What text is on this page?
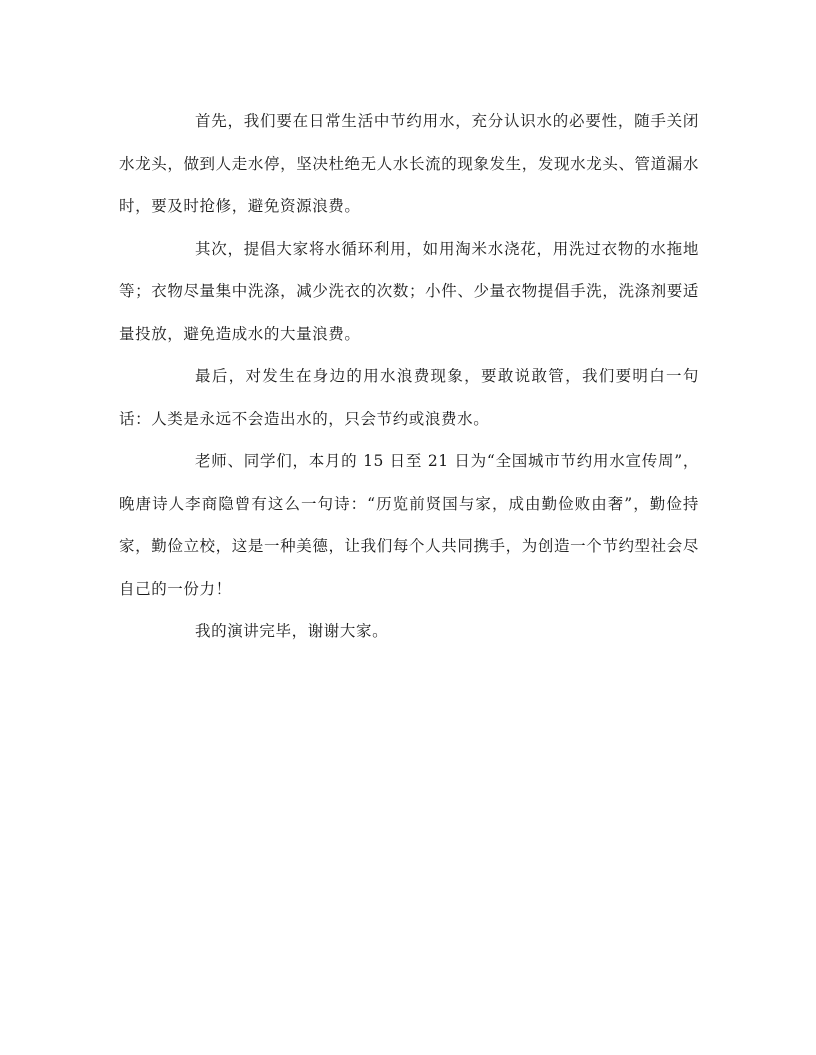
首先，我们要在日常生活中节约用水，充分认识水的必要性，随手关闭水龙头，做到人走水停，坚决杜绝无人水长流的现象发生，发现水龙头、管道漏水时，要及时抢修，避免资源浪费。

其次，提倡大家将水循环利用，如用淘米水浇花，用洗过衣物的水拖地等；衣物尽量集中洗涤，减少洗衣的次数；小件、少量衣物提倡手洗，洗涤剂要适量投放，避免造成水的大量浪费。

最后，对发生在身边的用水浪费现象，要敢说敢管，我们要明白一句话：人类是永远不会造出水的，只会节约或浪费水。

老师、同学们，本月的 15 日至 21 日为“全国城市节约用水宣传周”，晚唐诗人李商隐曾有这么一句诗：“历览前贤国与家，成由勤俭败由奢”，勤俭持家，勤俭立校，这是一种美德，让我们每个人共同携手，为创造一个节约型社会尽自己的一份力！

我的演讲完毕，谢谢大家。
